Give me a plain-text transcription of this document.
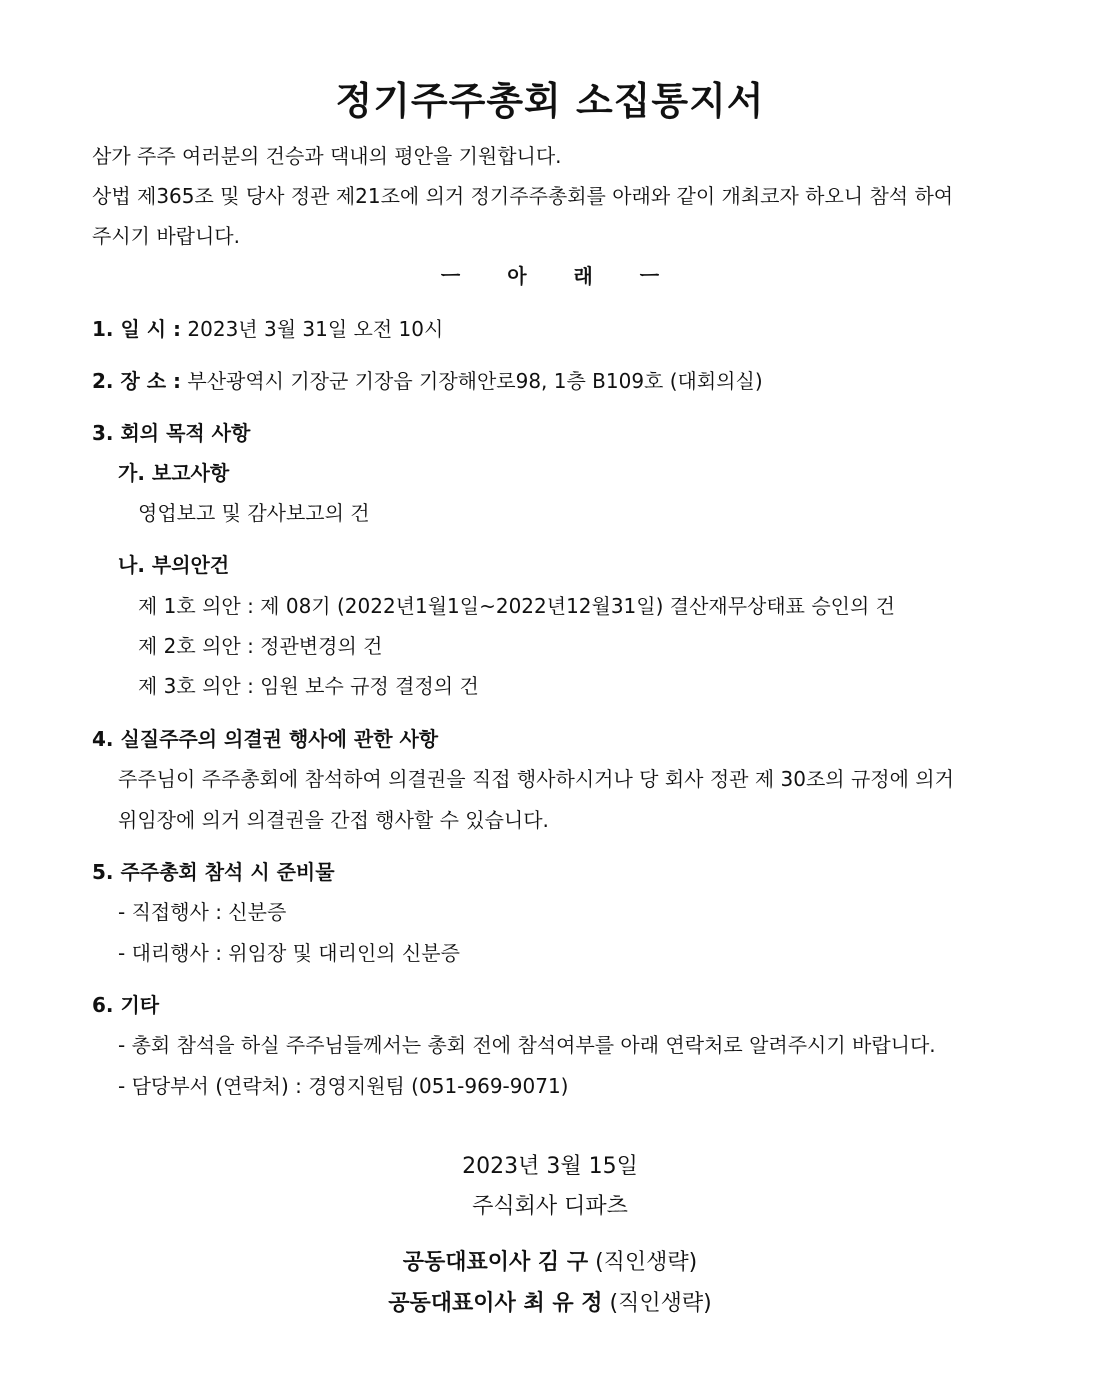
정기주주총회 소집통지서
삼가 주주 여러분의 건승과 댁내의 평안을 기원합니다.
상법 제365조 및 당사 정관 제21조에 의거 정기주주총회를 아래와 같이 개최코자 하오니 참석 하여
주시기 바랍니다.
ㅡ 아 래 ㅡ
1. 일 시 : 2023년 3월 31일 오전 10시
2. 장 소 : 부산광역시 기장군 기장읍 기장해안로98, 1층 B109호 (대회의실)
3. 회의 목적 사항
가. 보고사항
영업보고 및 감사보고의 건
나. 부의안건
제 1호 의안 : 제 08기 (2022년1월1일~2022년12월31일) 결산재무상태표 승인의 건
제 2호 의안 : 정관변경의 건
제 3호 의안 : 임원 보수 규정 결정의 건
4. 실질주주의 의결권 행사에 관한 사항
주주님이 주주총회에 참석하여 의결권을 직접 행사하시거나 당 회사 정관 제 30조의 규정에 의거
위임장에 의거 의결권을 간접 행사할 수 있습니다.
5. 주주총회 참석 시 준비물
- 직접행사 : 신분증
- 대리행사 : 위임장 및 대리인의 신분증
6. 기타
- 총회 참석을 하실 주주님들께서는 총회 전에 참석여부를 아래 연락처로 알려주시기 바랍니다.
- 담당부서 (연락처) : 경영지원팀 (051-969-9071)
2023년 3월 15일
주식회사 디파츠
공동대표이사 김 구 (직인생략)
공동대표이사 최 유 정 (직인생략)
